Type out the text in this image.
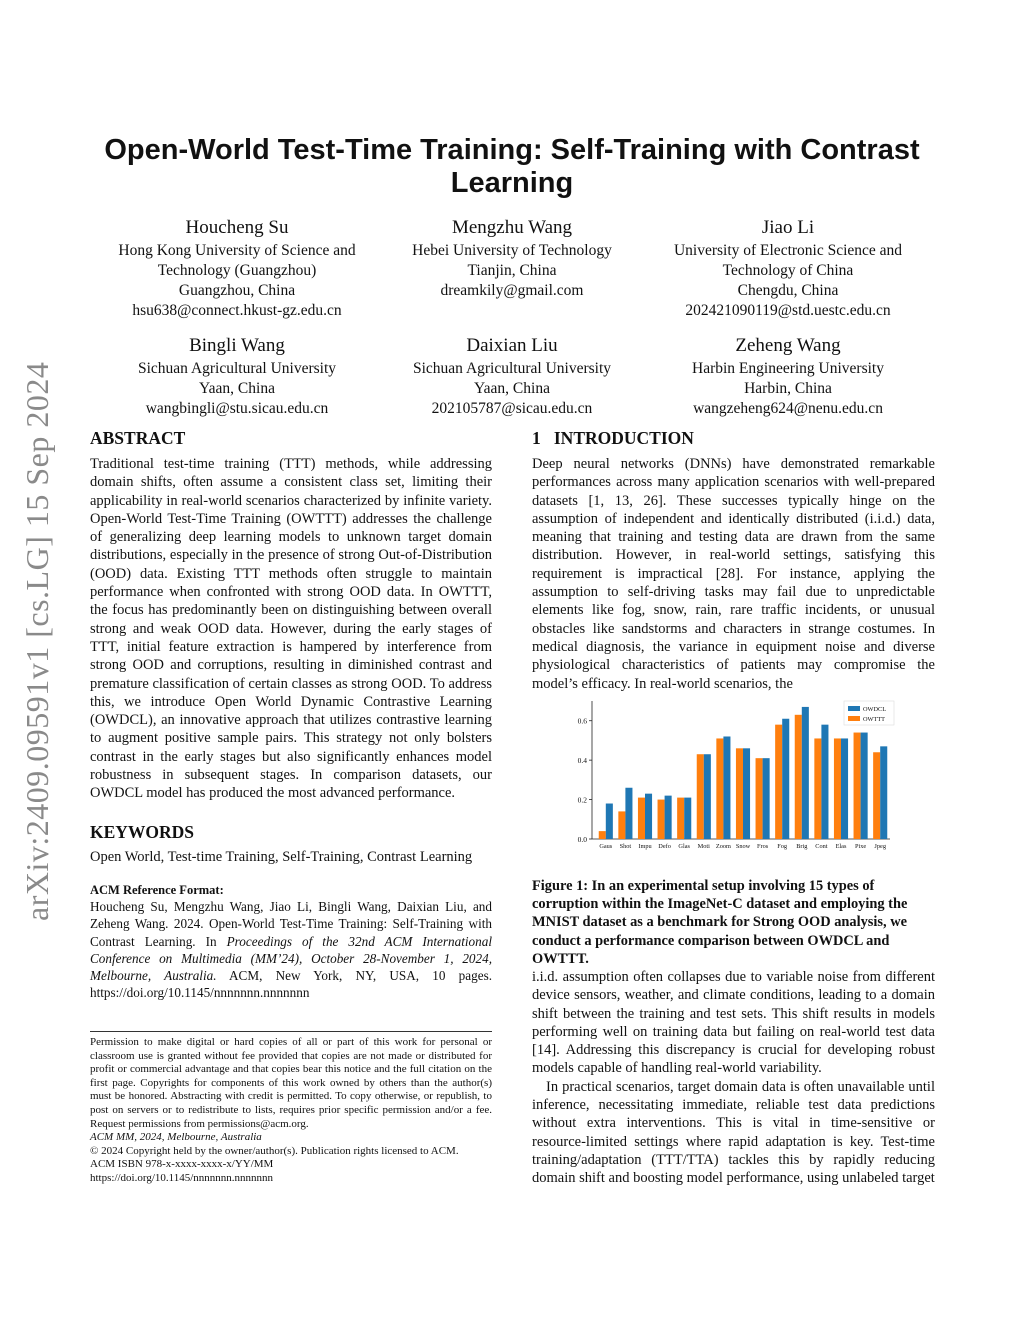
arXiv:2409.09591v1 [cs.LG] 15 Sep 2024
Open-World Test-Time Training: Self-Training with Contrast
Learning
Houcheng Su
Hong Kong University of Science and
Technology (Guangzhou)
Guangzhou, China
hsu638@connect.hkust-gz.edu.cn
Mengzhu Wang
Hebei University of Technology
Tianjin, China
dreamkily@gmail.com
Jiao Li
University of Electronic Science and
Technology of China
Chengdu, China
202421090119@std.uestc.edu.cn
Bingli Wang
Sichuan Agricultural University
Yaan, China
wangbingli@stu.sicau.edu.cn
Daixian Liu
Sichuan Agricultural University
Yaan, China
202105787@sicau.edu.cn
Zeheng Wang
Harbin Engineering University
Harbin, China
wangzeheng624@nenu.edu.cn
ABSTRACT

Traditional test-time training (TTT) methods, while addressing domain shifts, often assume a consistent class set, limiting their applicability in real-world scenarios characterized by infinite variety. Open-World Test-Time Training (OWTTT) addresses the challenge of generalizing deep learning models to unknown target domain distributions, especially in the presence of strong Out-of-Distribution (OOD) data. Existing TTT methods often struggle to maintain performance when confronted with strong OOD data. In OWTTT, the focus has predominantly been on distinguishing between overall strong and weak OOD data. However, during the early stages of TTT, initial feature extraction is hampered by interference from strong OOD and corruptions, resulting in diminished contrast and premature classification of certain classes as strong OOD. To address this, we introduce Open World Dynamic Contrastive Learning (OWDCL), an innovative approach that utilizes contrastive learning to augment positive sample pairs. This strategy not only bolsters contrast in the early stages but also significantly enhances model robustness in subsequent stages. In comparison datasets, our OWDCL model has produced the most advanced performance.

KEYWORDS

Open World, Test-time Training, Self-Training, Contrast Learning

ACM Reference Format:
Houcheng Su, Mengzhu Wang, Jiao Li, Bingli Wang, Daixian Liu, and Zeheng Wang. 2024. Open-World Test-Time Training: Self-Training with Contrast Learning. In Proceedings of the 32nd ACM International Conference on Multimedia (MM’24), October 28-November 1, 2024, Melbourne, Australia. ACM, New York, NY, USA, 10 pages. https://doi.org/10.1145/nnnnnnn.nnnnnnn

Permission to make digital or hard copies of all or part of this work for personal or classroom use is granted without fee provided that copies are not made or distributed for profit or commercial advantage and that copies bear this notice and the full citation on the first page. Copyrights for components of this work owned by others than the author(s) must be honored. Abstracting with credit is permitted. To copy otherwise, or republish, to post on servers or to redistribute to lists, requires prior specific permission and/or a fee. Request permissions from permissions@acm.org.

ACM MM, 2024, Melbourne, Australia

© 2024 Copyright held by the owner/author(s). Publication rights licensed to ACM.

ACM ISBN 978-x-xxxx-xxxx-x/YY/MM

https://doi.org/10.1145/nnnnnnn.nnnnnnn

1 INTRODUCTION

Deep neural networks (DNNs) have demonstrated remarkable performances across many application scenarios with well-prepared datasets [1, 13, 26]. These successes typically hinge on the assumption of independent and identically distributed (i.i.d.) data, meaning that training and testing data are drawn from the same distribution. However, in real-world settings, satisfying this requirement is impractical [28]. For instance, applying the assumption to self-driving tasks may fail due to unpredictable elements like fog, snow, rain, rare traffic incidents, or unusual obstacles like sandstorms and characters in strange costumes. In medical diagnosis, the variance in equipment noise and diverse physiological characteristics of patients may compromise the model’s efficacy. In real-world scenarios, the

0.0
0.2
0.4
0.6
Gaus Shot Impu Defo Glas Moti Zoom Snow Fros Fog Brig Cont Elas Pixe Jpeg
OWDCL
OWTTT
Figure 1: In an experimental setup involving 15 types of corruption within the ImageNet-C dataset and employing the MNIST dataset as a benchmark for Strong OOD analysis, we conduct a performance comparison between OWDCL and OWTTT.

i.i.d. assumption often collapses due to variable noise from different device sensors, weather, and climate conditions, leading to a domain shift between the training and test sets. This shift results in models performing well on training data but failing on real-world test data [14]. Addressing this discrepancy is crucial for developing robust models capable of handling real-world variability.

In practical scenarios, target domain data is often unavailable until inference, necessitating immediate, reliable test data predictions without extra interventions. This is vital in time-sensitive or resource-limited settings where rapid adaptation is key. Test-time training/adaptation (TTT/TTA) tackles this by rapidly reducing domain shift and boosting model performance, using unlabeled target
